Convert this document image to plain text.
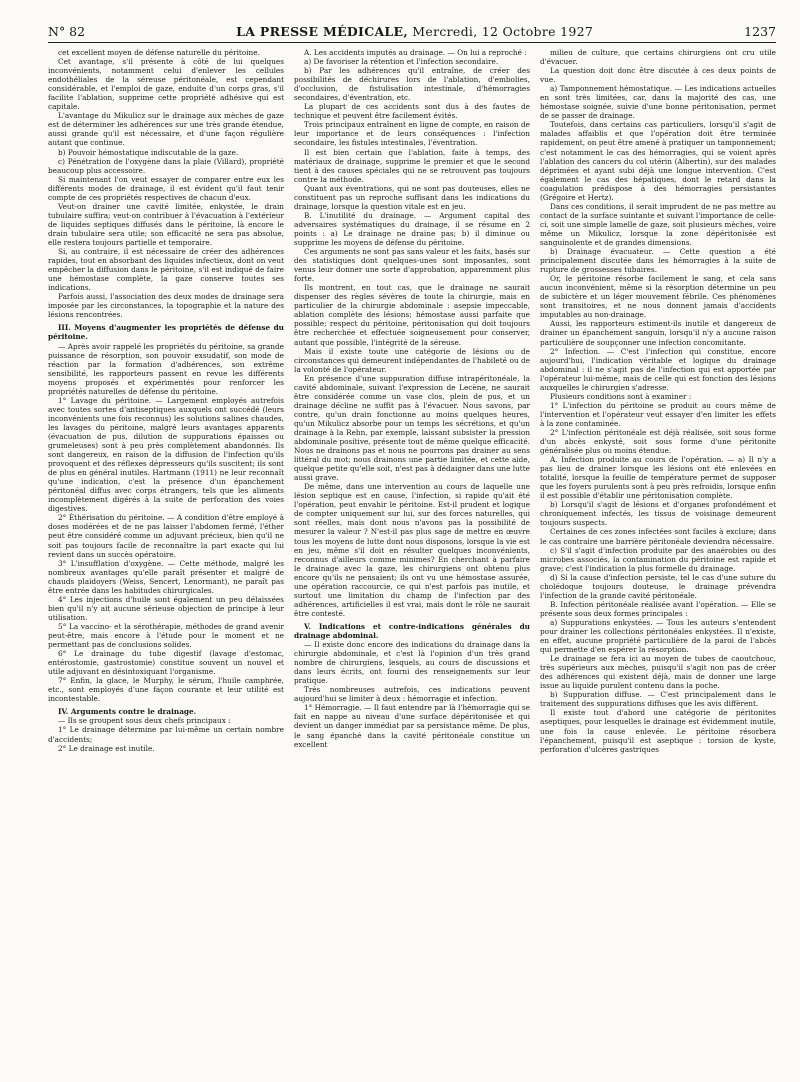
N° 82	LA PRESSE MÉDICALE, Mercredi, 12 Octobre 1927	1237

cet excellent moyen de défense naturelle du péritoine.

Cet avantage, s'il présente à côté de lui quelques inconvénients, notamment celui d'enlever les cellules endothéliales de la séreuse péritonéale, est cependant considérable, et l'emploi de gaze, enduite d'un corps gras, s'il facilite l'ablation, supprime cette propriété adhésive qui est capitale.

L'avantage du Mikulicz sur le drainage aux mèches de gaze est de déterminer les adhérences sur une très grande étendue, aussi grande qu'il est nécessaire, et d'une façon régulière autant que continue.

b) Pouvoir hémostatique indiscutable de la gaze.

c) Pénétration de l'oxygène dans la plaie (Villard), propriété beaucoup plus accessoire.

Si maintenant l'on veut essayer de comparer entre eux les différents modes de drainage, il est évident qu'il faut tenir compte de ces propriétés respectives de chacun d'eux.

Veut-on drainer une cavité limitée, enkystée, le drain tubulaire suffira; veut-on contribuer à l'évacuation à l'extérieur de liquides septiques diffusés dans le péritoine, là encore le drain tubulaire sera utile; son efficacité ne sera pas absolue, elle restera toujours partielle et temporaire.

Si, au contraire, il est nécessaire de créer des adhérences rapides, tout en absorbant des liquides infectieux, dont on veut empêcher la diffusion dans le péritoine, s'il est indiqué de faire une hémostase complète, la gaze conserve toutes ses indications.

Parfois aussi, l'association des deux modes de drainage sera imposée par les circonstances, la topographie et la nature des lésions rencontrées.

III. Moyens d'augmenter les propriétés de défense du péritoine.

— Après avoir rappelé les propriétés du péritoine, sa grande puissance de résorption, son pouvoir exsudatif, son mode de réaction par la formation d'adhérences, son extrême sensibilité, les rapporteurs passent en revue les différents moyens proposés et expérimentés pour renforcer les propriétés naturelles de défense du péritoine.

1° Lavage du péritoine. — Largement employés autrefois avec toutes sortes d'antiseptiques auxquels ont succédé (leurs inconvénients une fois reconnus) les solutions salines chaudes, les lavages du péritoine, malgré leurs avantages apparents (évacuation de pus, dilution de suppurations épaisses ou grumeleuses) sont à peu près complètement abandonnés. Ils sont dangereux, en raison de la diffusion de l'infection qu'ils provoquent et des réflexes dépresseurs qu'ils suscitent; ils sont de plus en général inutiles. Hartmann (1911) ne leur reconnaît qu'une indication, c'est la présence d'un épanchement péritonéal diffus avec corps étrangers, tels que les aliments incomplètement digérés à la suite de perforation des voies digestives.

2° Éthérisation du péritoine. — A condition d'être employé à doses modérées et de ne pas laisser l'abdomen fermé, l'éther peut être considéré comme un adjuvant précieux, bien qu'il ne soit pas toujours facile de reconnaître la part exacte qui lui revient dans un succès opératoire.

3° L'insufflation d'oxygène. — Cette méthode, malgré les nombreux avantages qu'elle paraît présenter et malgré de chauds plaidoyers (Weiss, Sencert, Lenormant), ne paraît pas être entrée dans les habitudes chirurgicales.

4° Les injections d'huile sont également un peu délaissées bien qu'il n'y ait aucune sérieuse objection de principe à leur utilisation.

5° La vaccino- et la sérothérapie, méthodes de grand avenir peut-être, mais encore à l'étude pour le moment et ne permettant pas de conclusions solides.

6° Le drainage du tube digestif (lavage d'estomac, entérostomie, gastrostomie) constitue souvent un nouvel et utile adjuvant en désintoxiquant l'organisme.

7° Enfin, la glace, le Murphy, le sérum, l'huile camphrée, etc., sont employés d'une façon courante et leur utilité est incontestable.

IV. Arguments contre le drainage.

— Ils se groupent sous deux chefs principaux :

1° Le drainage détermine par lui-même un certain nombre d'accidents;

2° Le drainage est inutile.

A. Les accidents imputés au drainage. — On lui a reproché :

a) De favoriser la rétention et l'infection secondaire.

b) Par les adhérences qu'il entraîne, de créer des possibilités de déchirures lors de l'ablation, d'embolies, d'occlusion, de fistulisation intestinale, d'hémorragies secondaires, d'éventration, etc.

La plupart de ces accidents sont dus à des fautes de technique et peuvent être facilement évités.

Trois principaux entraînent en ligne de compte, en raison de leur importance et de leurs conséquences : l'infection secondaire, les fistules intestinales, l'éventration.

Il est bien certain que l'ablation, faite à temps, des matériaux de drainage, supprime le premier et que le second tient à des causes spéciales qui ne se retrouvent pas toujours contre la méthode.

Quant aux éventrations, qui ne sont pas douteuses, elles ne constituent pas un reproche suffisant dans les indications du drainage, lorsque la question vitale est en jeu.

B. L'inutilité du drainage. — Argument capital des adversaires systématiques du drainage, il se résume en 2 points : a) Le drainage ne draine pas; b) il diminue ou supprime les moyens de défense du péritoine.

Ces arguments ne sont pas sans valeur et les faits, basés sur des statistiques dont quelques-unes sont imposantes, sont venus leur donner une sorte d'approbation, apparemment plus forte.

Ils montrent, en tout cas, que le drainage ne saurait dispenser des règles sévères de toute la chirurgie, mais en particulier de la chirurgie abdominale : asepsie impeccable, ablation complète des lésions; hémostase aussi parfaite que possible; respect du péritoine, péritonisation qui doit toujours être recherchée et effectuée soigneusement pour conserver, autant que possible, l'intégrité de la séreuse.

Mais il existe toute une catégorie de lésions ou de circonstances qui demeurent indépendantes de l'habileté ou de la volonté de l'opérateur.

En présence d'une suppuration diffuse intrapéritonéale, la cavité abdominale, suivant l'expression de Lecène, ne saurait être considérée comme un vase clos, plein de pus, et un drainage décline ne suffit pas à l'évacuer. Nous savons, par contre, qu'un drain fonctionne au moins quelques heures, qu'un Mikulicz absorbe pour un temps les sécrétions, et qu'un drainage à la Rehn, par exemple, laissant subsister la pression abdominale positive, présente tout de même quelque efficacité. Nous ne drainons pas et nous ne pourrons pas drainer au sens littéral du mot; nous drainons une partie limitée, et cette aide, quelque petite qu'elle soit, n'est pas à dédaigner dans une lutte aussi grave.

De même, dans une intervention au cours de laquelle une lésion septique est en cause, l'infection, si rapide qu'ait été l'opération, peut envahir le péritoine. Est-il prudent et logique de compter uniquement sur lui, sur des forces naturelles, qui sont réelles, mais dont nous n'avons pas la possibilité de mesurer la valeur ? N'est-il pas plus sage de mettre en œuvre tous les moyens de lutte dont nous disposons, lorsque la vie est en jeu, même s'il doit en résulter quelques inconvénients, reconnus d'ailleurs comme minimes? En cherchant à parfaire le drainage avec la gaze, les chirurgiens ont obtenu plus encore qu'ils ne pensaient; ils ont vu une hémostase assurée, une opération raccourcie, ce qui n'est parfois pas inutile, et surtout une limitation du champ de l'infection par des adhérences, artificielles il est vrai, mais dont le rôle ne saurait être contesté.

V. Indications et contre-indications générales du drainage abdominal.

— Il existe donc encore des indications du drainage dans la chirurgie abdominale, et c'est là l'opinion d'un très grand nombre de chirurgiens, lesquels, au cours de discussions et dans leurs écrits, ont fourni des renseignements sur leur pratique.

Très nombreuses autrefois, ces indications peuvent aujourd'hui se limiter à deux : hémorragie et infection.

1° Hémorragie. — Il faut entendre par là l'hémorragie qui se fait en nappe au niveau d'une surface dépéritonisée et qui devient un danger immédiat par sa persistance même. De plus, le sang épanché dans la cavité péritonéale constitue un excellent

milieu de culture, que certains chirurgiens ont cru utile d'évacuer.

La question doit donc être discutée à ces deux points de vue.

a) Tamponnement hémostatique. — Les indications actuelles en sont très limitées, car, dans la majorité des cas, une hémostase soignée, suivie d'une bonne péritonisation, permet de se passer de drainage.

Toutefois, dans certains cas particuliers, lorsqu'il s'agit de malades affaiblis et que l'opération doit être terminée rapidement, on peut être amené à pratiquer un tamponnement; c'est notamment le cas des hémorragies, qui se voient après l'ablation des cancers du col utérin (Albertin), sur des malades déprimées et ayant subi déjà une longue intervention. C'est également le cas des hépatiques, dont le retard dans la coagulation prédispose à des hémorragies persistantes (Grégoire et Hertz).

Dans ces conditions, il serait imprudent de ne pas mettre au contact de la surface suintante et suivant l'importance de celle-ci, soit une simple lamelle de gaze, soit plusieurs mèches, voire même un Mikulicz, lorsque la zone dépéritonisée est sanguinolente et de grandes dimensions.

b) Drainage évacuateur. — Cette question a été principalement discutée dans les hémorragies à la suite de rupture de grossesses tubaires.

Or, le péritoine résorbe facilement le sang, et cela sans aucun inconvénient, même si la résorption détermine un peu de subictère et un léger mouvement fébrile. Ces phénomènes sont transitoires, et ne nous donnent jamais d'accidents imputables au non-drainage.

Aussi, les rapporteurs estiment-ils inutile et dangereux de drainer un épanchement sanguin, lorsqu'il n'y a aucune raison particulière de soupçonner une infection concomitante.

2° Infection. — C'est l'infection qui constitue, encore aujourd'hui, l'indication véritable et logique du drainage abdominal : il ne s'agit pas de l'infection qui est apportée par l'opérateur lui-même, mais de celle qui est fonction des lésions auxquelles le chirurgien s'adresse.

Plusieurs conditions sont à examiner :

1° L'infection du péritoine se produit au cours même de l'intervention et l'opérateur veut essayer d'en limiter les effets à la zone contaminée.

2° L'infection péritonéale est déjà réalisée, soit sous forme d'un abcès enkysté, soit sous forme d'une péritonite généralisée plus ou moins étendue.

A. Infection produite au cours de l'opération. — a) Il n'y a pas lieu de drainer lorsque les lésions ont été enlevées en totalité, lorsque la feuille de température permet de supposer que les foyers purulents sont à peu près refroidis, lorsque enfin il est possible d'établir une péritonisation complète.

b) Lorsqu'il s'agit de lésions et d'organes profondément et chroniquement infectés, les tissus de voisinage demeurent toujours suspects.

Certaines de ces zones infectées sont faciles à exclure; dans le cas contraire une barrière péritonéale deviendra nécessaire.

c) S'il s'agit d'infection produite par des anaérobies ou des microbes associés, la contamination du péritoine est rapide et grave; c'est l'indication la plus formelle du drainage.

d) Si la cause d'infection persiste, tel le cas d'une suture du cholédoque toujours douteuse, le drainage prévendra l'infection de la grande cavité péritonéale.

B. Infection péritonéale réalisée avant l'opération. — Elle se présente sous deux formes principales :

a) Suppurations enkystées. — Tous les auteurs s'entendent pour drainer les collections péritonéales enkystées. Il n'existe, en effet, aucune propriété particulière de la paroi de l'abcès qui permette d'en espérer la résorption.

Le drainage se fera ici au moyen de tubes de caoutchouc, très supérieurs aux mèches, puisqu'il s'agit non pas de créer des adhérences qui existent déjà, mais de donner une large issue au liquide purulent contenu dans la poche.

b) Suppuration diffuse. — C'est principalement dans le traitement des suppurations diffuses que les avis diffèrent.

Il existe tout d'abord une catégorie de péritonites aseptiques, pour lesquelles le drainage est évidemment inutile, une fois la cause enlevée. Le péritoine résorbera l'épanchement, puisqu'il est aseptique : torsion de kyste, perforation d'ulcères gastriques
